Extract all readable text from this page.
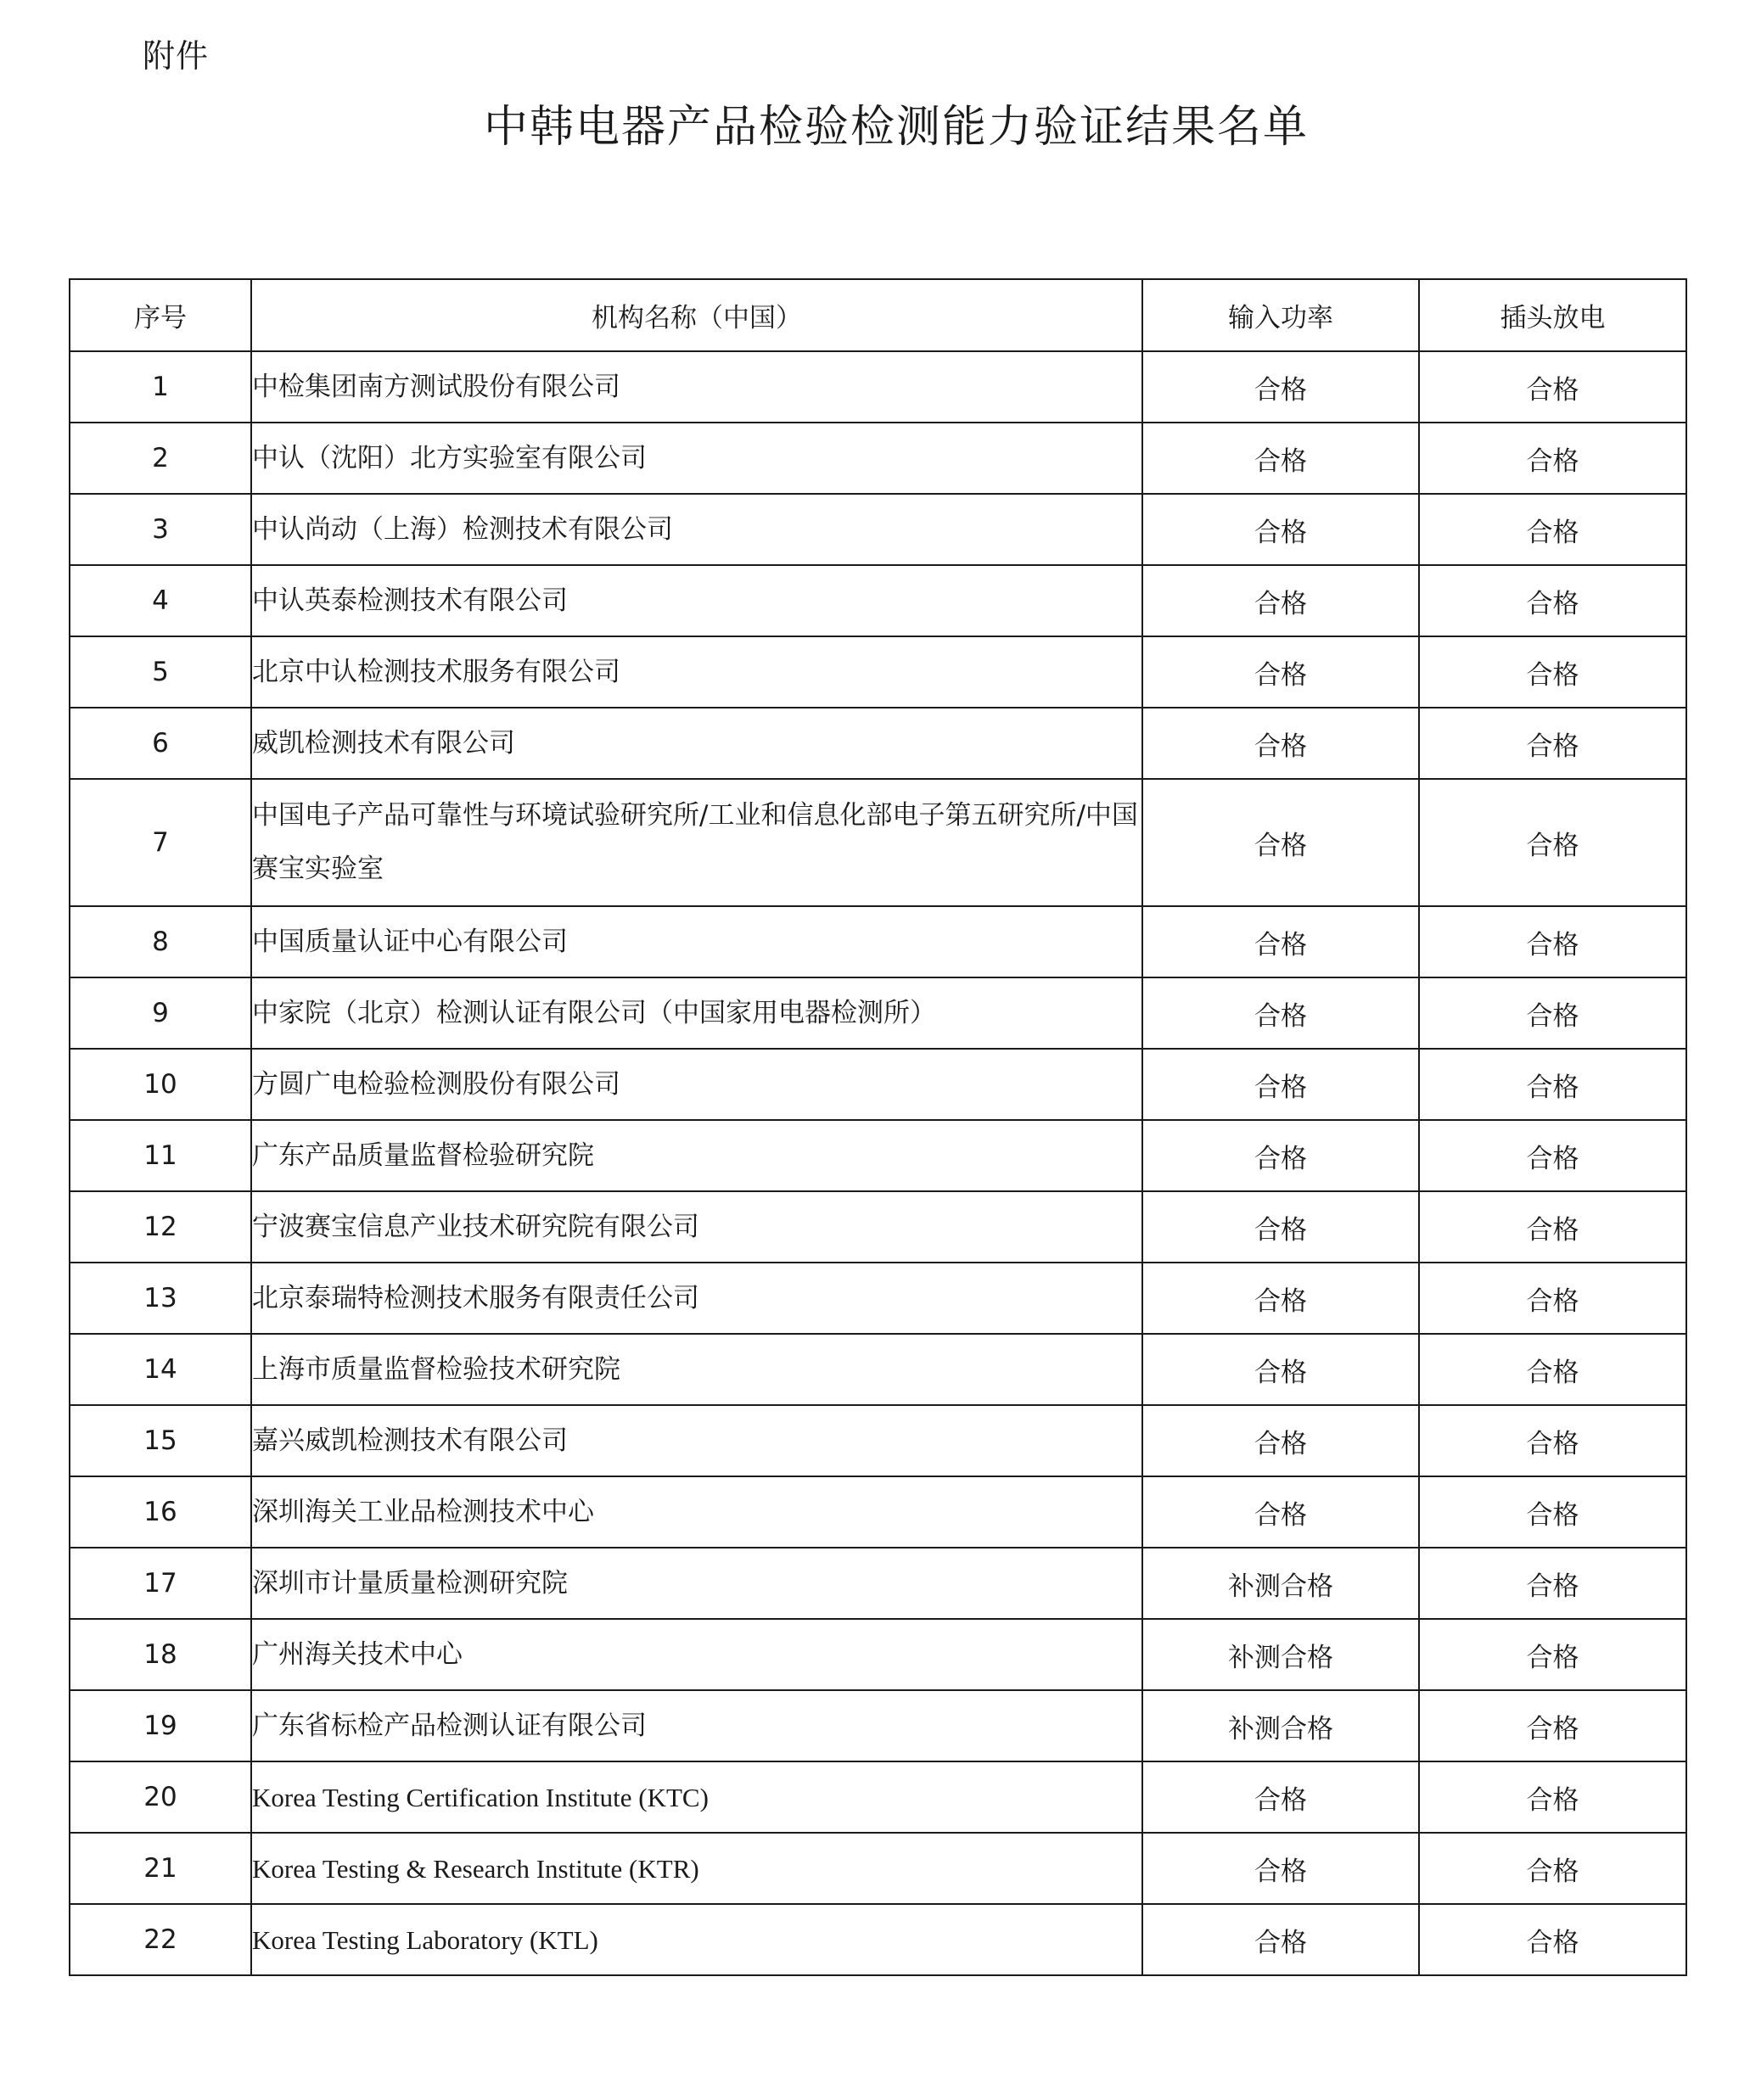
附件
中韩电器产品检验检测能力验证结果名单
序号	机构名称（中国）	输入功率	插头放电
1	中检集团南方测试股份有限公司	合格	合格
2	中认（沈阳）北方实验室有限公司	合格	合格
3	中认尚动（上海）检测技术有限公司	合格	合格
4	中认英泰检测技术有限公司	合格	合格
5	北京中认检测技术服务有限公司	合格	合格
6	威凯检测技术有限公司	合格	合格
7	中国电子产品可靠性与环境试验研究所/工业和信息化部电子第五研究所/中国赛宝实验室	合格	合格
8	中国质量认证中心有限公司	合格	合格
9	中家院（北京）检测认证有限公司（中国家用电器检测所）	合格	合格
10	方圆广电检验检测股份有限公司	合格	合格
11	广东产品质量监督检验研究院	合格	合格
12	宁波赛宝信息产业技术研究院有限公司	合格	合格
13	北京泰瑞特检测技术服务有限责任公司	合格	合格
14	上海市质量监督检验技术研究院	合格	合格
15	嘉兴威凯检测技术有限公司	合格	合格
16	深圳海关工业品检测技术中心	合格	合格
17	深圳市计量质量检测研究院	补测合格	合格
18	广州海关技术中心	补测合格	合格
19	广东省标检产品检测认证有限公司	补测合格	合格
20	Korea Testing Certification Institute (KTC)	合格	合格
21	Korea Testing & Research Institute (KTR)	合格	合格
22	Korea Testing Laboratory (KTL)	合格	合格
